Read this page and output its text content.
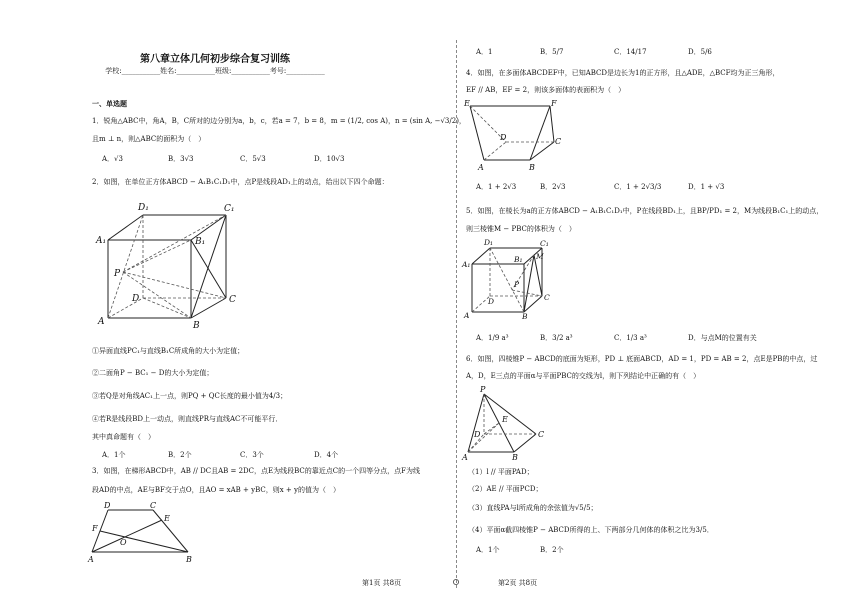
第八章立体几何初步综合复习训练
学校:___________姓名:___________班级:___________考号:___________
一、单选题
1．锐角△ABC中，角A，B，C所对的边分别为a，b，c，若a = 7，b = 8，m = (1/2, cos A)，n = (sin A, −√3/2)，
且m ⊥ n，则△ABC的面积为（　）
A．√3	B．3√3	C．5√3	D．10√3
2．如图，在单位正方体ABCD − A₁B₁C₁D₁中，点P是线段AD₁上的动点，给出以下四个命题：
D₁	C₁
A₁	B₁
P
D	C
A	B
①异面直线PC₁与直线B₁C所成角的大小为定值；
②二面角P − BC₁ − D的大小为定值；
③若Q是对角线AC₁上一点，则PQ + QC长度的最小值为4/3；
④若R是线段BD上一动点，则直线PR与直线AC不可能平行．
其中真命题有（　）
A．1个	B．2个	C．3个	D．4个
3．如图，在梯形ABCD中，AB // DC且AB = 2DC，点E为线段BC的靠近点C的一个四等分点，点F为线
段AD的中点，AE与BF交于点O，且AO = xAB + yBC，则x + y的值为（　）
D	C
E
F
O
A	B
A．1	B．5/7	C．14/17	D．5/6
4．如图，在多面体ABCDEF中，已知ABCD是边长为1的正方形，且△ADE，△BCF均为正三角形，
EF // AB，EF = 2，则该多面体的表面积为（　）
E	F
D	C
A	B
A．1 + 2√3	B．2√3	C．1 + 2√3/3	D．1 + √3
5．如图，在棱长为a的正方体ABCD − A₁B₁C₁D₁中，P在线段BD₁上，且BP/PD₁ = 2，M为线段B₁C₁上的动点，
则三棱锥M − PBC的体积为（　）
D₁	C₁
A₁
B₁ M
P
D	C
A	B
A．1/9 a³	B．3/2 a³	C．1/3 a³	D．与点M的位置有关
6．如图，四棱锥P − ABCD的底面为矩形，PD ⊥ 底面ABCD，AD = 1，PD = AB = 2，点E是PB的中点，过
A，D，E三点的平面α与平面PBC的交线为l，则下列结论中正确的有（　）
P
E
D	C
A	B
（1）l // 平面PAD；
（2）AE // 平面PCD；
（3）直线PA与l所成角的余弦值为√5/5；
（4）平面α截四棱锥P − ABCD所得的上、下两部分几何体的体积之比为3/5．
A．1个	B．2个
第1页 共8页	第2页 共8页
